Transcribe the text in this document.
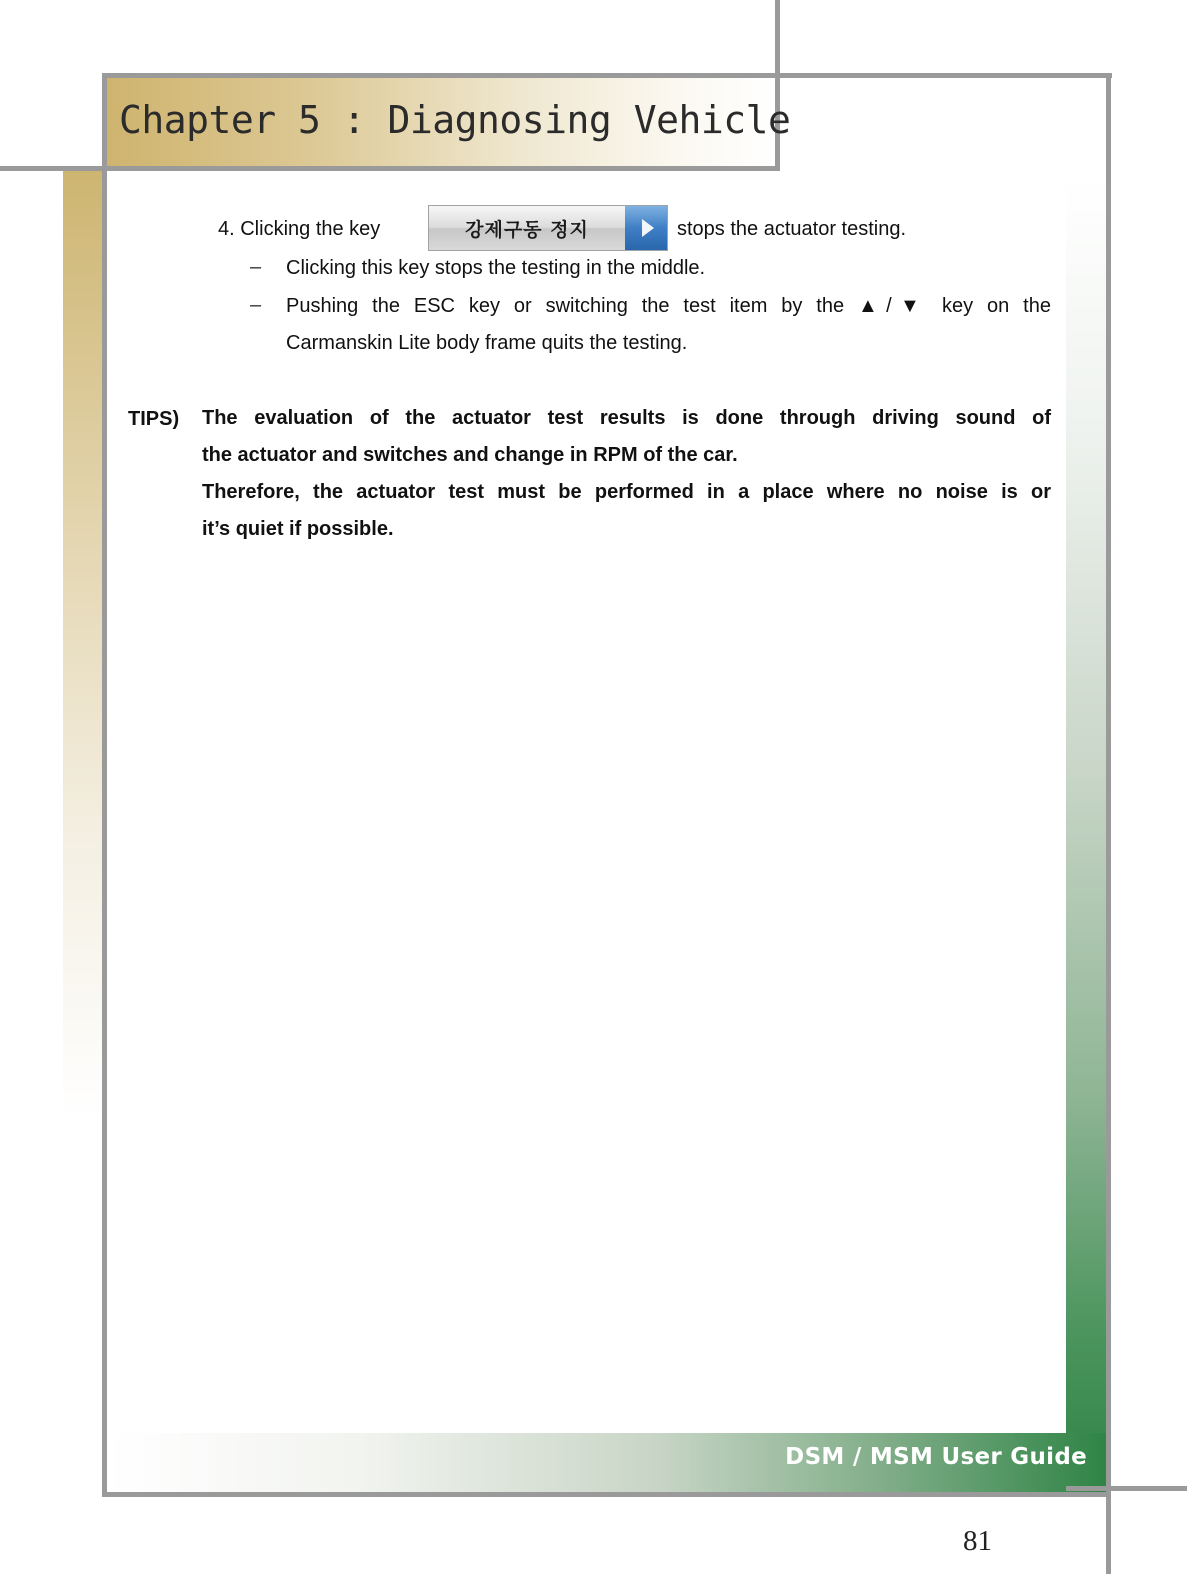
Chapter 5 : Diagnosing Vehicle
4. Clicking the key	stops the actuator testing.
강제구동 정지
– Clicking this key stops the testing in the middle.
– Pushing the ESC key or switching the test item by the ▲/▼ key on the
Carmanskin Lite body frame quits the testing.
TIPS) The evaluation of the actuator test results is done through driving sound of
the actuator and switches and change in RPM of the car.
Therefore, the actuator test must be performed in a place where no noise is or
it’s quiet if possible.
DSM / MSM User Guide
81
